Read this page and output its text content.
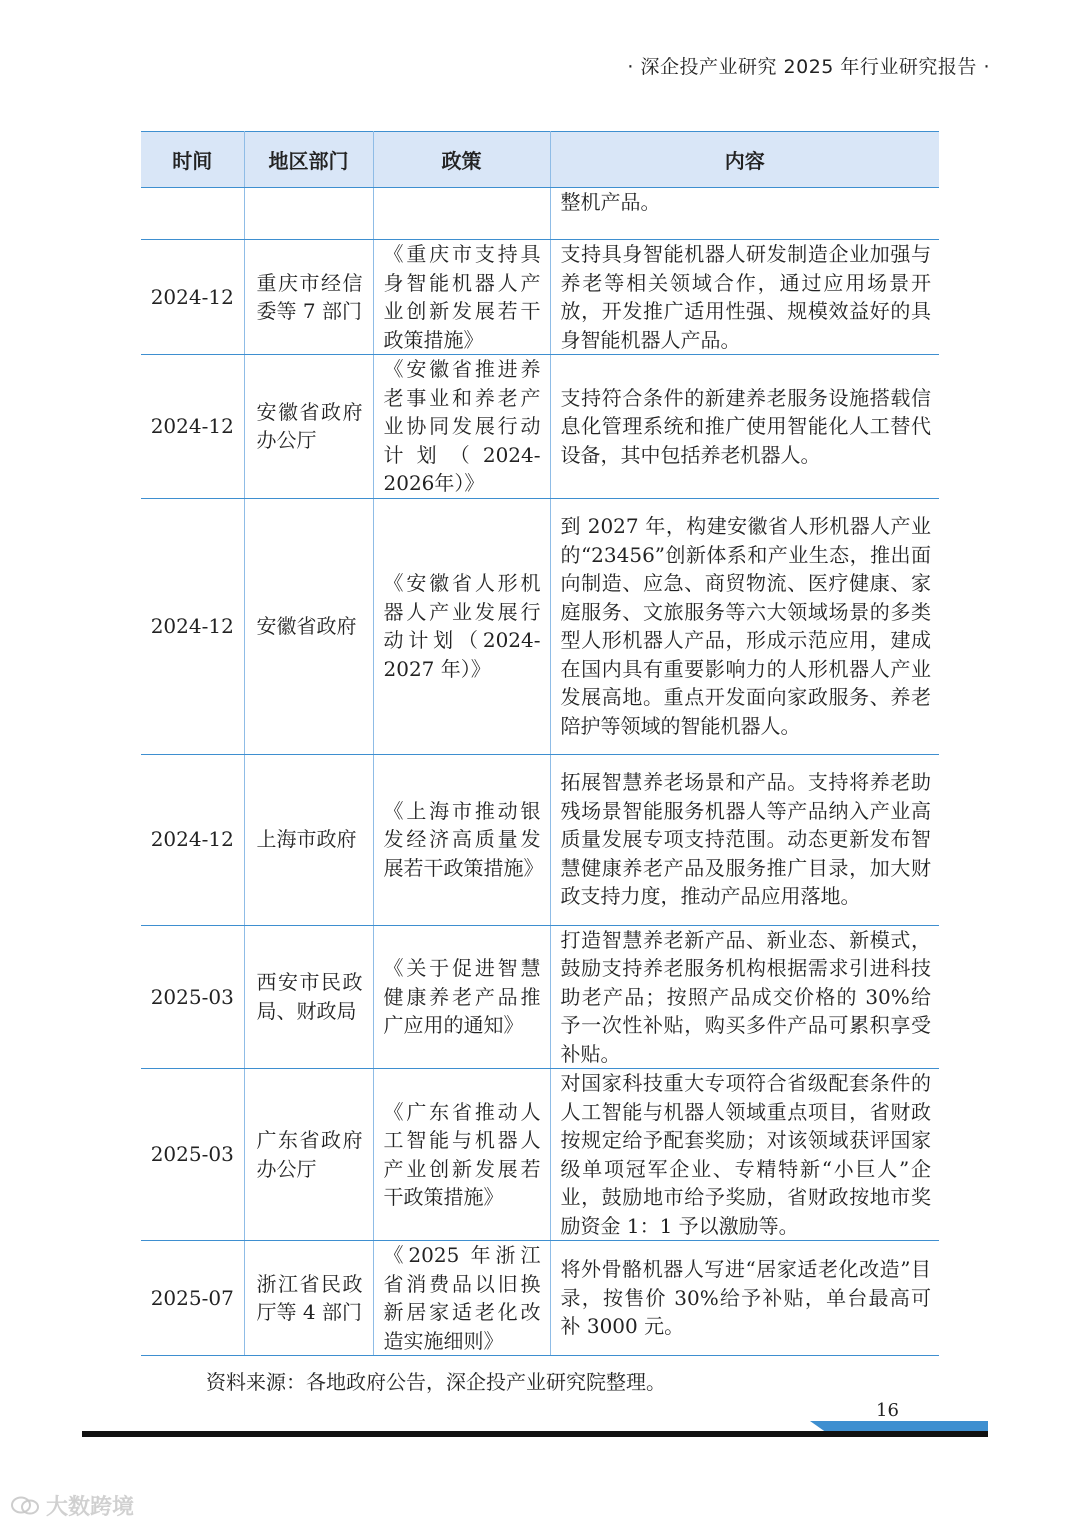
· 深企投产业研究 2025 年行业研究报告 ·
时间	地区部门	政策	内容
			整机产品。
2024-12	重庆市经信委等 7 部门	《重庆市支持具身智能机器人产业创新发展若干政策措施》	支持具身智能机器人研发制造企业加强与养老等相关领域合作，通过应用场景开放，开发推广适用性强、规模效益好的具身智能机器人产品。
2024-12	安徽省政府办公厅	《安徽省推进养老事业和养老产业协同发展行动计划（2024-2026年）》	支持符合条件的新建养老服务设施搭载信息化管理系统和推广使用智能化人工替代设备，其中包括养老机器人。
2024-12	安徽省政府	《安徽省人形机器人产业发展行动计划（2024-2027 年）》	到 2027 年，构建安徽省人形机器人产业的“23456”创新体系和产业生态，推出面向制造、应急、商贸物流、医疗健康、家庭服务、文旅服务等六大领域场景的多类型人形机器人产品，形成示范应用，建成在国内具有重要影响力的人形机器人产业发展高地。重点开发面向家政服务、养老陪护等领域的智能机器人。
2024-12	上海市政府	《上海市推动银发经济高质量发展若干政策措施》	拓展智慧养老场景和产品。支持将养老助残场景智能服务机器人等产品纳入产业高质量发展专项支持范围。动态更新发布智慧健康养老产品及服务推广目录，加大财政支持力度，推动产品应用落地。
2025-03	西安市民政局、财政局	《关于促进智慧健康养老产品推广应用的通知》	打造智慧养老新产品、新业态、新模式，鼓励支持养老服务机构根据需求引进科技助老产品；按照产品成交价格的 30%给予一次性补贴，购买多件产品可累积享受补贴。
2025-03	广东省政府办公厅	《广东省推动人工智能与机器人产业创新发展若干政策措施》	对国家科技重大专项符合省级配套条件的人工智能与机器人领域重点项目，省财政按规定给予配套奖励；对该领域获评国家级单项冠军企业、专精特新“小巨人”企业，鼓励地市给予奖励，省财政按地市奖励资金 1：1 予以激励等。
2025-07	浙江省民政厅等 4 部门	《2025 年浙江省消费品以旧换新居家适老化改造实施细则》	将外骨骼机器人写进“居家适老化改造”目录，按售价 30%给予补贴，单台最高可补 3000 元。
资料来源：各地政府公告，深企投产业研究院整理。
16
大数跨境
